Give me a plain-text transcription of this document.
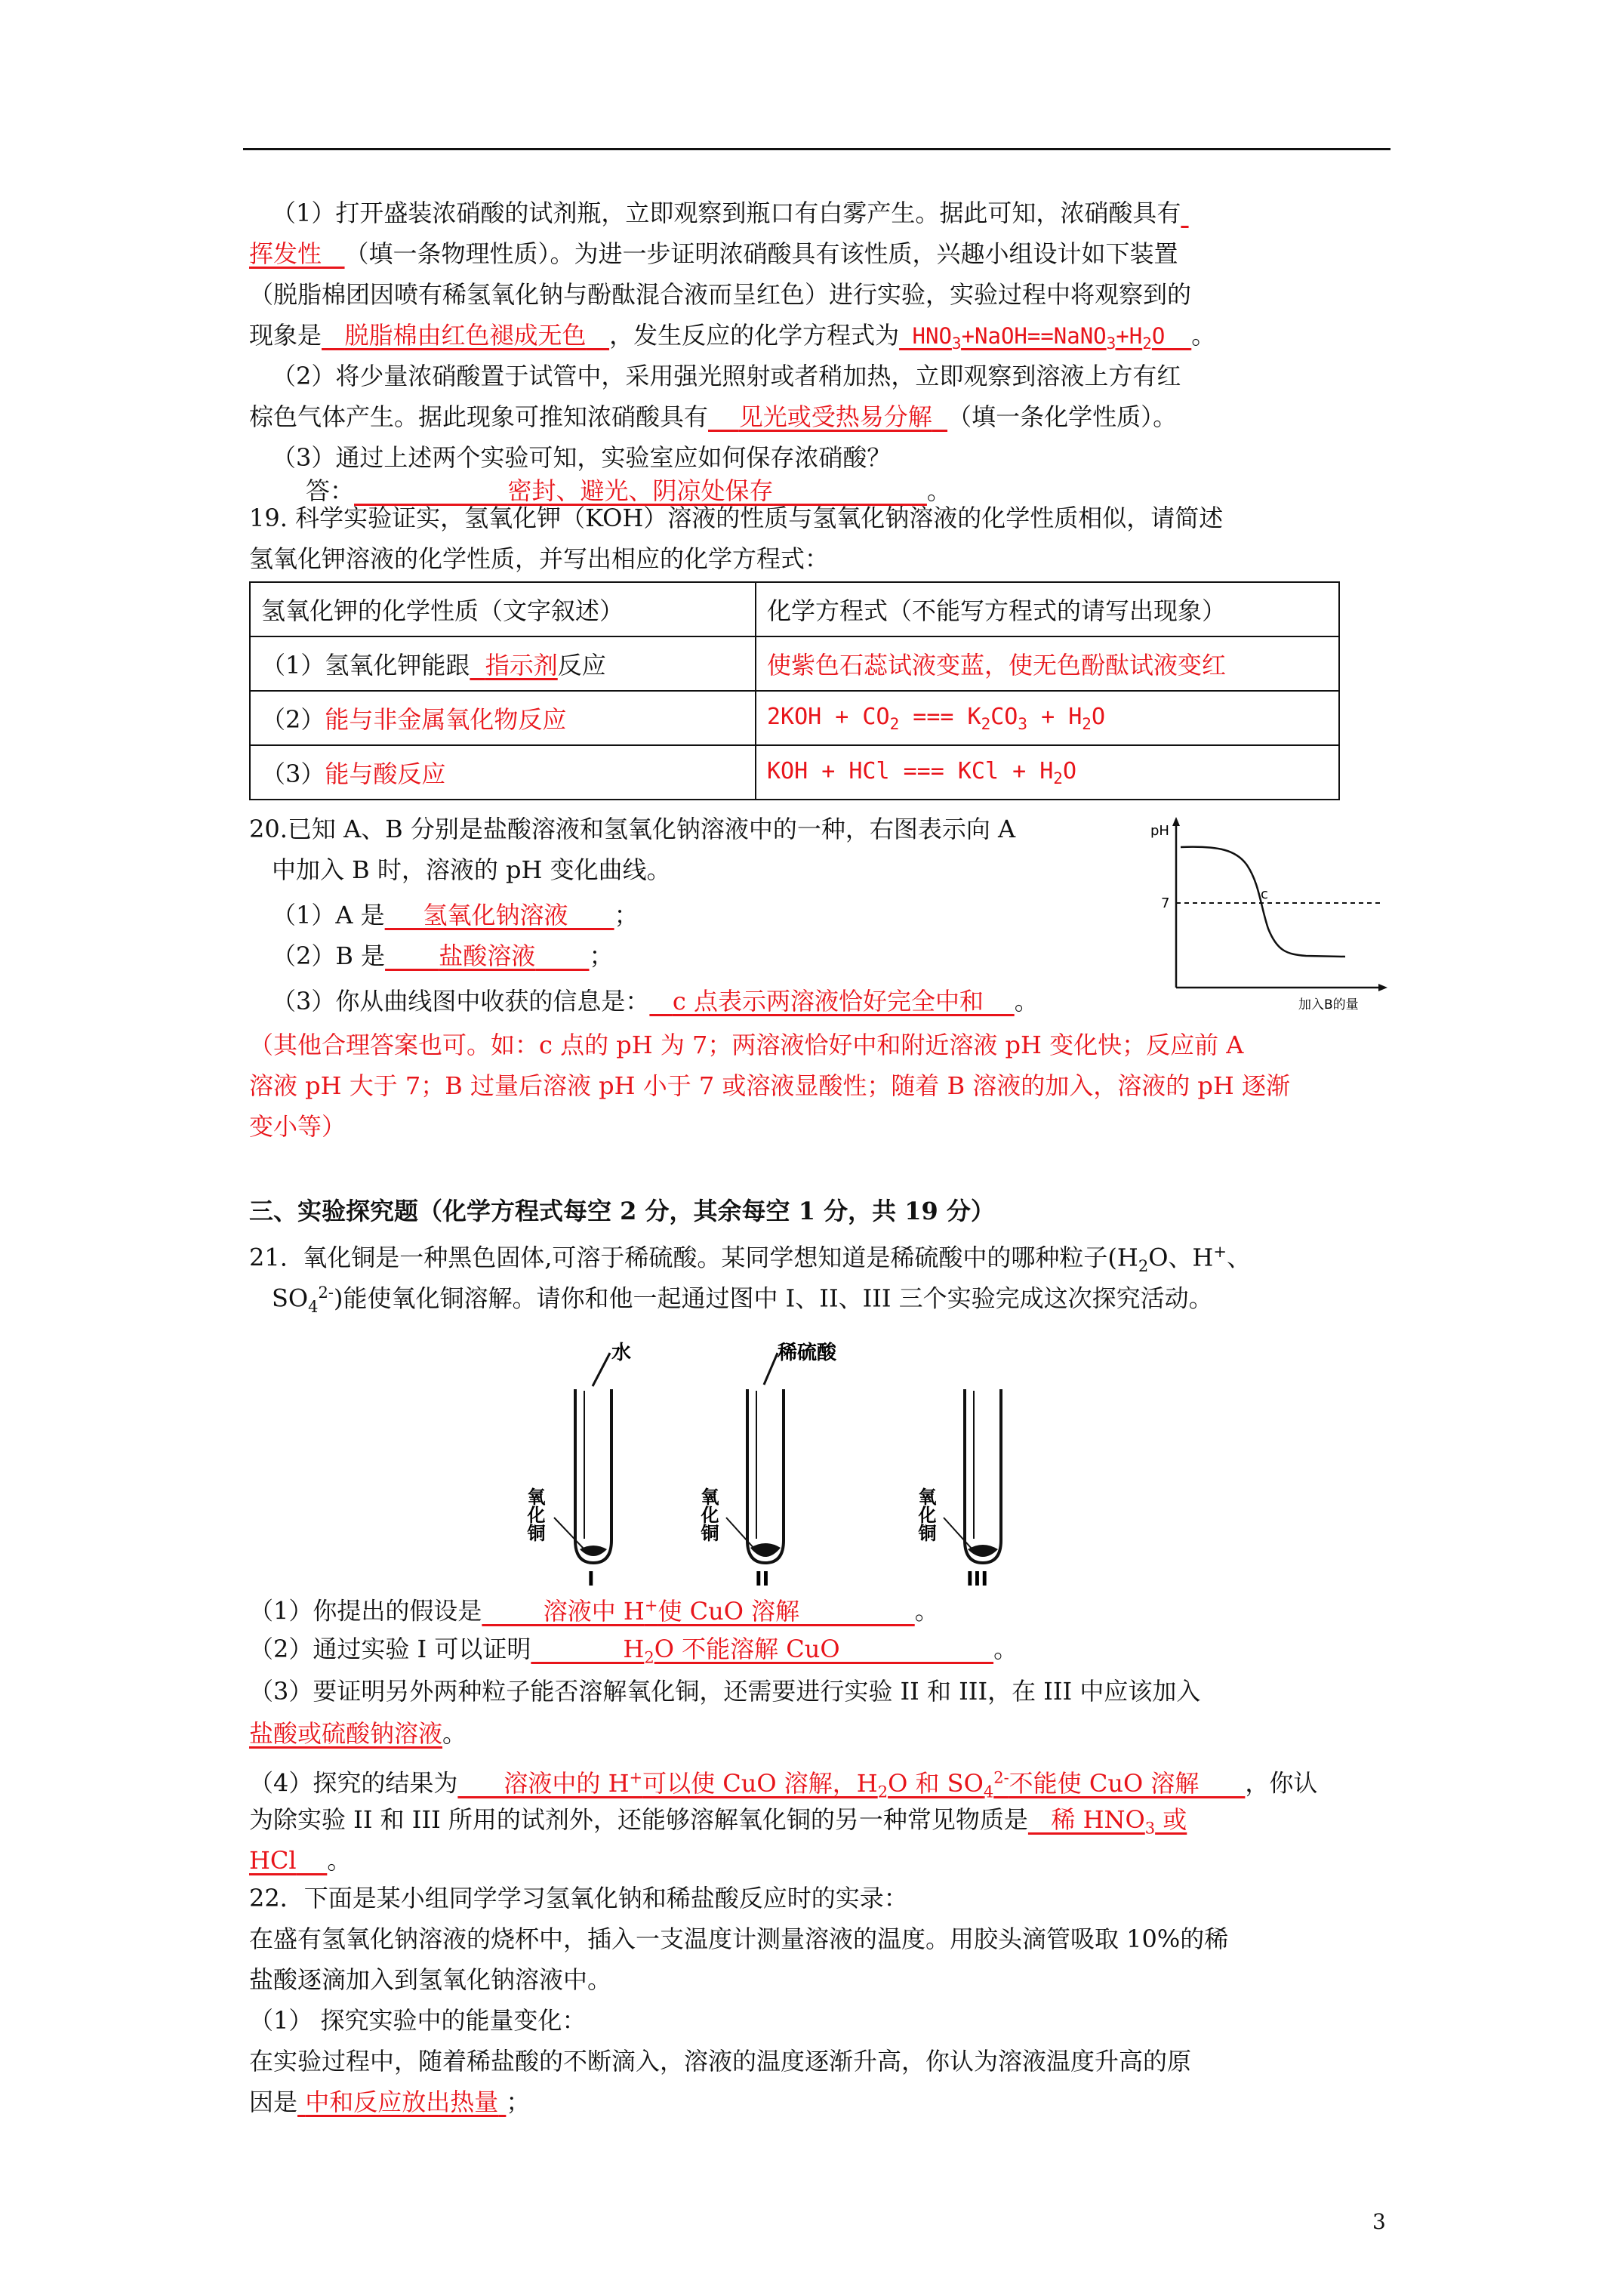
（1）打开盛装浓硝酸的试剂瓶，立即观察到瓶口有白雾产生。据此可知，浓硝酸具有
挥发性 （填一条物理性质）。为进一步证明浓硝酸具有该性质，兴趣小组设计如下装置
（脱脂棉团因喷有稀氢氧化钠与酚酞混合液而呈红色）进行实验，实验过程中将观察到的
现象是 脱脂棉由红色褪成无色 ，发生反应的化学方程式为 $HNO_3+NaOH==NaNO_3+H_2O$  。
（2）将少量浓硝酸置于试管中，采用强光照射或者稍加热，立即观察到溶液上方有红
棕色气体产生。据此现象可推知浓硝酸具有 见光或受热易分解 （填一条化学性质）。
（3）通过上述两个实验可知，实验室应如何保存浓硝酸？
答：	密封、避光、阴凉处保存	。
19. 科学实验证实，氢氧化钾（KOH）溶液的性质与氢氧化钠溶液的化学性质相似，请简述
氢氧化钾溶液的化学性质，并写出相应的化学方程式：
氢氧化钾的化学性质（文字叙述）	化学方程式（不能写方程式的请写出现象）
（1）氢氧化钾能跟 指示剂反应	使紫色石蕊试液变蓝，使无色酚酞试液变红
（2）能与非金属氧化物反应	$2KOH + CO_2$ === $K_2CO_3 + H_2O$
（3）能与酸反应	KOH + HCl === KCl + $H_2O$
20.已知 A、B 分别是盐酸溶液和氢氧化钠溶液中的一种，右图表示向 A
中加入 B 时，溶液的 pH 变化曲线。
（1）A 是 氢氧化钠溶液 ；
（2）B 是 盐酸溶液 ；
（3）你从曲线图中收获的信息是： c 点表示两溶液恰好完全中和 。
（其他合理答案也可。如：c 点的 pH 为 7；两溶液恰好中和附近溶液 pH 变化快；反应前 A
溶液 pH 大于 7；B 过量后溶液 pH 小于 7 或溶液显酸性；随着 B 溶液的加入，溶液的 pH 逐渐
变小等）
pH
7
c
加入B的量
三、实验探究题（化学方程式每空 2 分，其余每空 1 分，共 19 分）
21.  氧化铜是一种黑色固体,可溶于稀硫酸。某同学想知道是稀硫酸中的哪种粒子($H_2O$、H+、
$SO_4^{2-}$)能使氧化铜溶解。请你和他一起通过图中 I、II、III 三个实验完成这次探究活动。
水
氧化铜
I
稀硫酸
氧化铜
II
氧化铜
III
（1）你提出的假设是        溶液中 H+使 CuO 溶解               。
（2）通过实验 I 可以证明            $H_2O$ 不能溶解 CuO                    。
（3）要证明另外两种粒子能否溶解氧化铜，还需要进行实验 II 和 III，在 III 中应该加入
盐酸或硫酸钠溶液。
（4）探究的结果为      溶液中的 H+可以使 CuO 溶解，$H_2O$ 和 $SO_4^{2-}$不能使 CuO 溶解      ，你认
为除实验 II 和 III 所用的试剂外，还能够溶解氧化铜的另一种常见物质是   稀 $HNO_3$ 或
HCl 。
22．下面是某小组同学学习氢氧化钠和稀盐酸反应时的实录：
在盛有氢氧化钠溶液的烧杯中，插入一支温度计测量溶液的温度。用胶头滴管吸取 10%的稀
盐酸逐滴加入到氢氧化钠溶液中。
（1） 探究实验中的能量变化：
在实验过程中，随着稀盐酸的不断滴入，溶液的温度逐渐升高，你认为溶液温度升高的原
因是 中和反应放出热量 ；
3
